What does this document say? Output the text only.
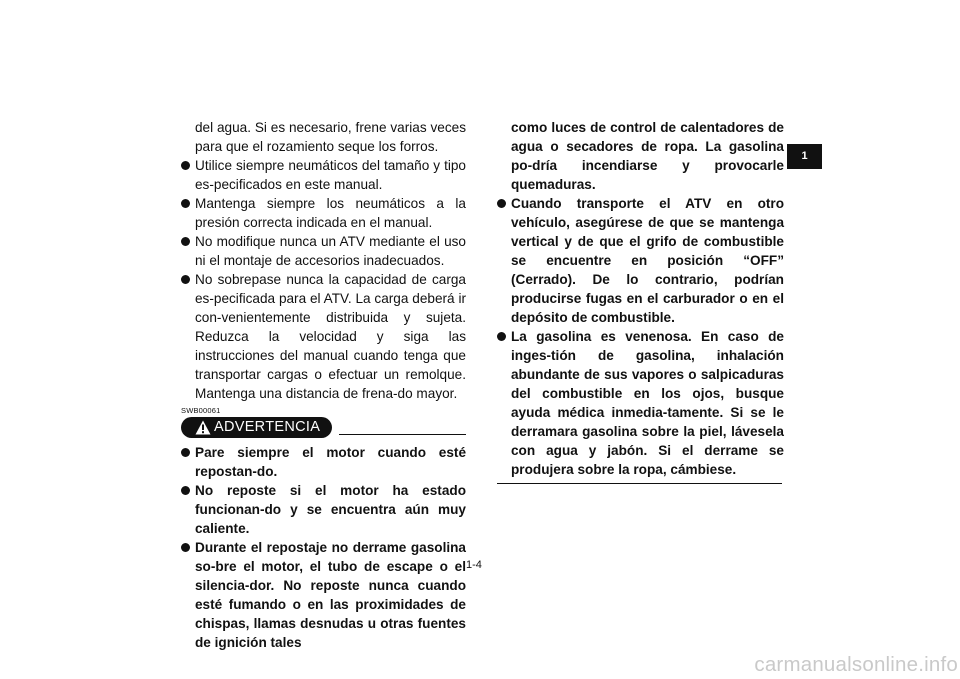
del agua. Si es necesario, frene varias veces para que el rozamiento seque los forros.
Utilice siempre neumáticos del tamaño y tipo es-pecificados en este manual.
Mantenga siempre los neumáticos a la presión correcta indicada en el manual.
No modifique nunca un ATV mediante el uso ni el montaje de accesorios inadecuados.
No sobrepase nunca la capacidad de carga es-pecificada para el ATV. La carga deberá ir con-venientemente distribuida y sujeta. Reduzca la velocidad y siga las instrucciones del manual cuando tenga que transportar cargas o efectuar un remolque. Mantenga una distancia de frena-do mayor.
SWB00061
ADVERTENCIA
Pare siempre el motor cuando esté repostan-do.
No reposte si el motor ha estado funcionan-do y se encuentra aún muy caliente.
Durante el repostaje no derrame gasolina so-bre el motor, el tubo de escape o el silencia-dor. No reposte nunca cuando esté fumando o en las proximidades de chispas, llamas desnudas u otras fuentes de ignición tales
como luces de control de calentadores de agua o secadores de ropa. La gasolina po-dría incendiarse y provocarle quemaduras.
Cuando transporte el ATV en otro vehículo, asegúrese de que se mantenga vertical y de que el grifo de combustible se encuentre en posición “OFF” (Cerrado). De lo contrario, podrían producirse fugas en el carburador o en el depósito de combustible.
La gasolina es venenosa. En caso de inges-tión de gasolina, inhalación abundante de sus vapores o salpicaduras del combustible en los ojos, busque ayuda médica inmedia-tamente. Si se le derramara gasolina sobre la piel, lávesela con agua y jabón. Si el derrame se produjera sobre la ropa, cámbiese.
1-4
1
carmanualsonline.info
